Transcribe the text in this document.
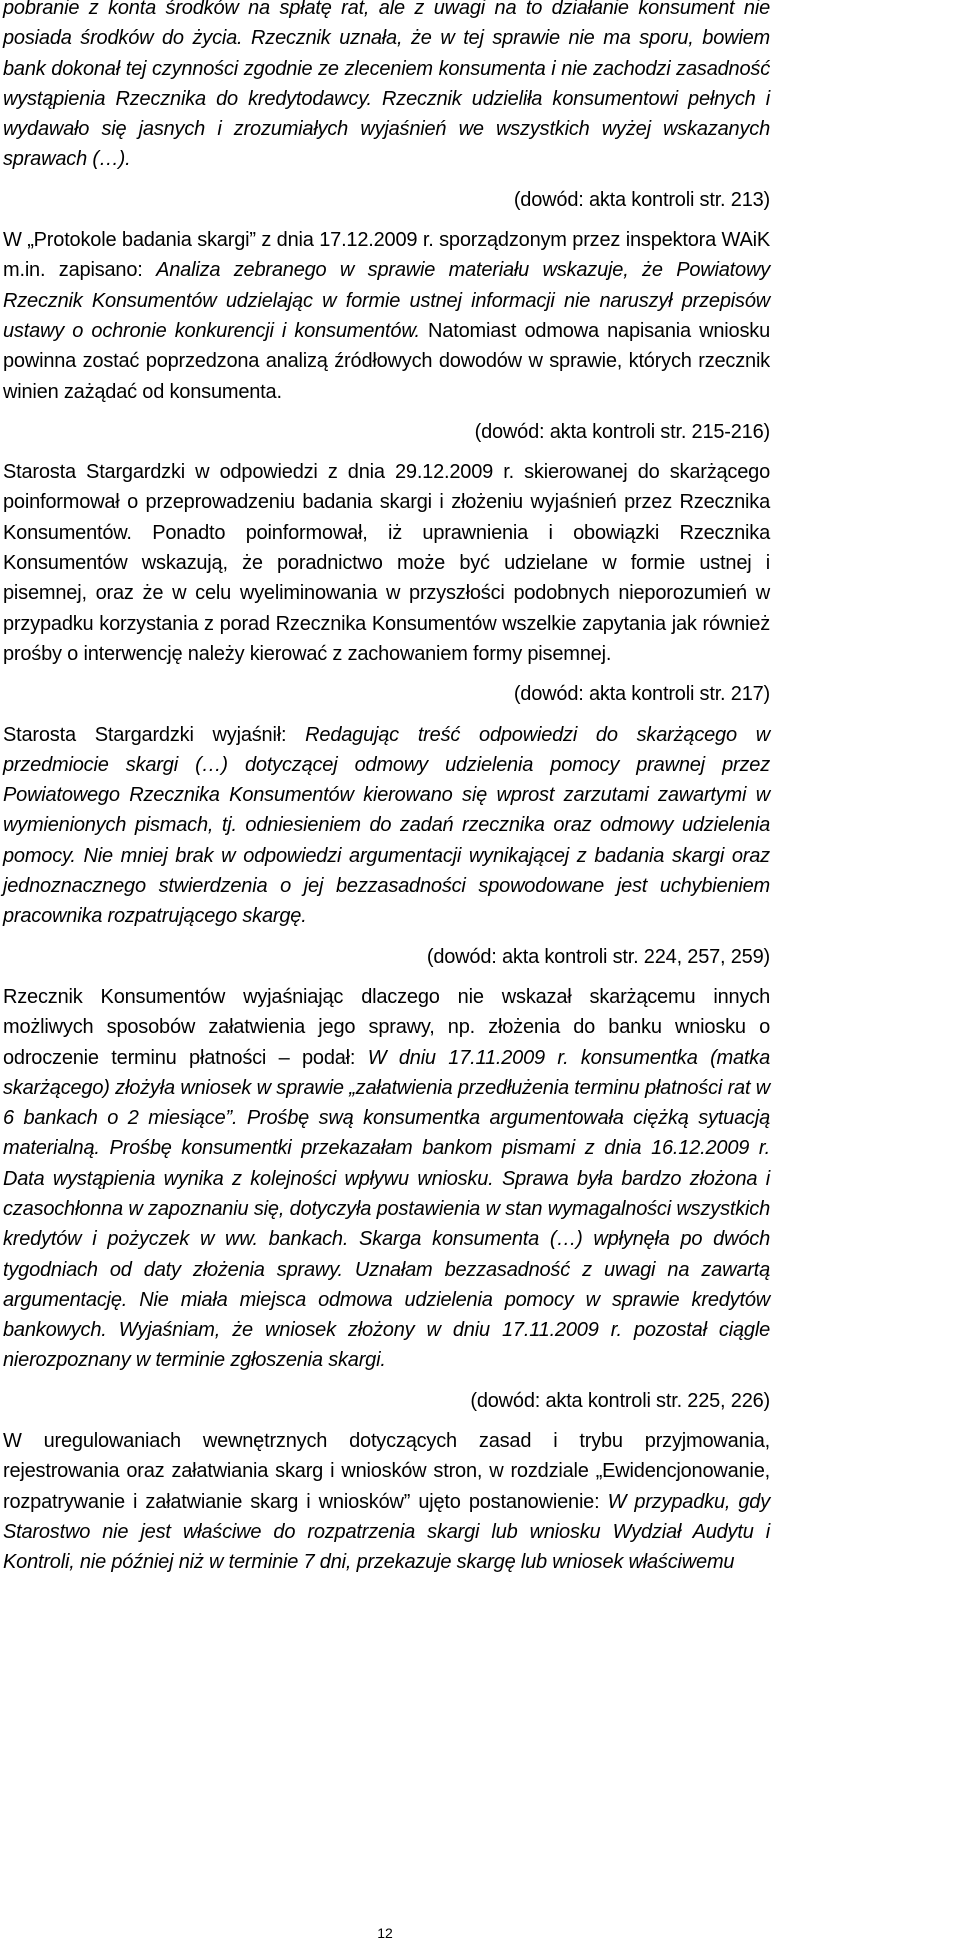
pobranie z konta środków na spłatę rat, ale z uwagi na to działanie konsument nie posiada środków do życia. Rzecznik uznała, że w tej sprawie nie ma sporu, bowiem bank dokonał tej czynności zgodnie ze zleceniem konsumenta i nie zachodzi zasadność wystąpienia Rzecznika do kredytodawcy. Rzecznik udzieliła konsumentowi pełnych i wydawało się jasnych i zrozumiałych wyjaśnień we wszystkich wyżej wskazanych sprawach (…).

(dowód: akta kontroli str. 213)

W „Protokole badania skargi” z dnia 17.12.2009 r. sporządzonym przez inspektora WAiK m.in. zapisano: Analiza zebranego w sprawie materiału wskazuje, że Powiatowy Rzecznik Konsumentów udzielając w formie ustnej informacji nie naruszył przepisów ustawy o ochronie konkurencji i konsumentów. Natomiast odmowa napisania wniosku powinna zostać poprzedzona analizą źródłowych dowodów w sprawie, których rzecznik winien zażądać od konsumenta.

(dowód: akta kontroli str. 215-216)

Starosta Stargardzki w odpowiedzi z dnia 29.12.2009 r. skierowanej do skarżącego poinformował o przeprowadzeniu badania skargi i złożeniu wyjaśnień przez Rzecznika Konsumentów. Ponadto poinformował, iż uprawnienia i obowiązki Rzecznika Konsumentów wskazują, że poradnictwo może być udzielane w formie ustnej i pisemnej, oraz że w celu wyeliminowania w przyszłości podobnych nieporozumień w przypadku korzystania z porad Rzecznika Konsumentów wszelkie zapytania jak również prośby o interwencję należy kierować z zachowaniem formy pisemnej.

(dowód: akta kontroli str. 217)

Starosta Stargardzki wyjaśnił: Redagując treść odpowiedzi do skarżącego w przedmiocie skargi (…) dotyczącej odmowy udzielenia pomocy prawnej przez Powiatowego Rzecznika Konsumentów kierowano się wprost zarzutami zawartymi w wymienionych pismach, tj. odniesieniem do zadań rzecznika oraz odmowy udzielenia pomocy. Nie mniej brak w odpowiedzi argumentacji wynikającej z badania skargi oraz jednoznacznego stwierdzenia o jej bezzasadności spowodowane jest uchybieniem pracownika rozpatrującego skargę.

(dowód: akta kontroli str. 224, 257, 259)

Rzecznik Konsumentów wyjaśniając dlaczego nie wskazał skarżącemu innych możliwych sposobów załatwienia jego sprawy, np. złożenia do banku wniosku o odroczenie terminu płatności – podał: W dniu 17.11.2009 r. konsumentka (matka skarżącego) złożyła wniosek w sprawie „załatwienia przedłużenia terminu płatności rat w 6 bankach o 2 miesiące”. Prośbę swą konsumentka argumentowała ciężką sytuacją materialną. Prośbę konsumentki przekazałam bankom pismami z dnia 16.12.2009 r. Data wystąpienia wynika z kolejności wpływu wniosku. Sprawa była bardzo złożona i czasochłonna w zapoznaniu się, dotyczyła postawienia w stan wymagalności wszystkich kredytów i pożyczek w ww. bankach. Skarga konsumenta (…) wpłynęła po dwóch tygodniach od daty złożenia sprawy. Uznałam bezzasadność z uwagi na zawartą argumentację. Nie miała miejsca odmowa udzielenia pomocy w sprawie kredytów bankowych. Wyjaśniam, że wniosek złożony w dniu 17.11.2009 r. pozostał ciągle nierozpoznany w terminie zgłoszenia skargi.

(dowód: akta kontroli str. 225, 226)

W uregulowaniach wewnętrznych dotyczących zasad i trybu przyjmowania, rejestrowania oraz załatwiania skarg i wniosków stron, w rozdziale „Ewidencjonowanie, rozpatrywanie i załatwianie skarg i wniosków” ujęto postanowienie: W przypadku, gdy Starostwo nie jest właściwe do rozpatrzenia skargi lub wniosku Wydział Audytu i Kontroli, nie później niż w terminie 7 dni, przekazuje skargę lub wniosek właściwemu

12
